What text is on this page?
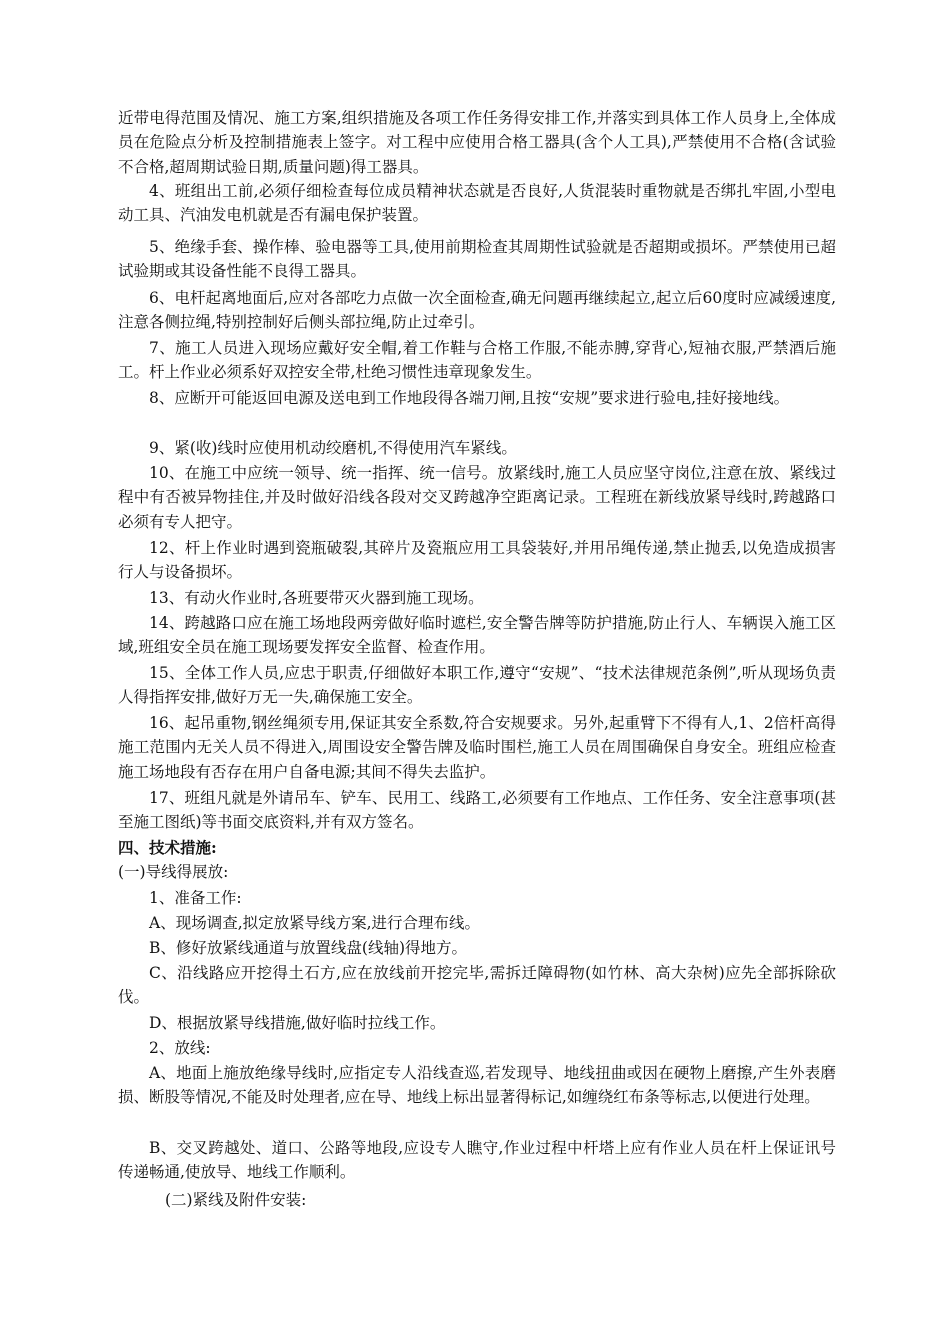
近带电得范围及情况、施工方案,组织措施及各项工作任务得安排工作,并落实到具体工作人员身上,全体成员在危险点分析及控制措施表上签字。对工程中应使用合格工器具(含个人工具),严禁使用不合格(含试验不合格,超周期试验日期,质量问题)得工器具。

4、班组出工前,必须仔细检查每位成员精神状态就是否良好,人货混装时重物就是否绑扎牢固,小型电动工具、汽油发电机就是否有漏电保护装置。

5、绝缘手套、操作棒、验电器等工具,使用前期检查其周期性试验就是否超期或损坏。严禁使用已超试验期或其设备性能不良得工器具。

6、电杆起离地面后,应对各部吃力点做一次全面检查,确无问题再继续起立,起立后60度时应减缓速度,注意各侧拉绳,特别控制好后侧头部拉绳,防止过牵引。

7、施工人员进入现场应戴好安全帽,着工作鞋与合格工作服,不能赤膊,穿背心,短袖衣服,严禁酒后施工。杆上作业必须系好双控安全带,杜绝习惯性违章现象发生。

8、应断开可能返回电源及送电到工作地段得各端刀闸,且按“安规”要求进行验电,挂好接地线。

9、紧(收)线时应使用机动绞磨机,不得使用汽车紧线。

10、在施工中应统一领导、统一指挥、统一信号。放紧线时,施工人员应坚守岗位,注意在放、紧线过程中有否被异物挂住,并及时做好沿线各段对交叉跨越净空距离记录。工程班在新线放紧导线时,跨越路口必须有专人把守。

12、杆上作业时遇到瓷瓶破裂,其碎片及瓷瓶应用工具袋装好,并用吊绳传递,禁止抛丢,以免造成损害行人与设备损坏。

13、有动火作业时,各班要带灭火器到施工现场。

14、跨越路口应在施工场地段两旁做好临时遮栏,安全警告牌等防护措施,防止行人、车辆误入施工区域,班组安全员在施工现场要发挥安全监督、检查作用。

15、全体工作人员,应忠于职责,仔细做好本职工作,遵守“安规”、“技术法律规范条例”,听从现场负责人得指挥安排,做好万无一失,确保施工安全。

16、起吊重物,钢丝绳须专用,保证其安全系数,符合安规要求。另外,起重臂下不得有人,1、2倍杆高得施工范围内无关人员不得进入,周围设安全警告牌及临时围栏,施工人员在周围确保自身安全。班组应检查施工场地段有否存在用户自备电源;其间不得失去监护。

17、班组凡就是外请吊车、铲车、民用工、线路工,必须要有工作地点、工作任务、安全注意事项(甚至施工图纸)等书面交底资料,并有双方签名。

四、技术措施:

(一)导线得展放:

1、准备工作:

A、现场调查,拟定放紧导线方案,进行合理布线。

B、修好放紧线通道与放置线盘(线轴)得地方。

C、沿线路应开挖得土石方,应在放线前开挖完毕,需拆迁障碍物(如竹林、高大杂树)应先全部拆除砍伐。

D、根据放紧导线措施,做好临时拉线工作。

2、放线:

A、地面上施放绝缘导线时,应指定专人沿线查巡,若发现导、地线扭曲或因在硬物上磨擦,产生外表磨损、断股等情况,不能及时处理者,应在导、地线上标出显著得标记,如缠绕红布条等标志,以便进行处理。

B、交叉跨越处、道口、公路等地段,应设专人瞧守,作业过程中杆塔上应有作业人员在杆上保证讯号传递畅通,使放导、地线工作顺利。

(二)紧线及附件安装:
